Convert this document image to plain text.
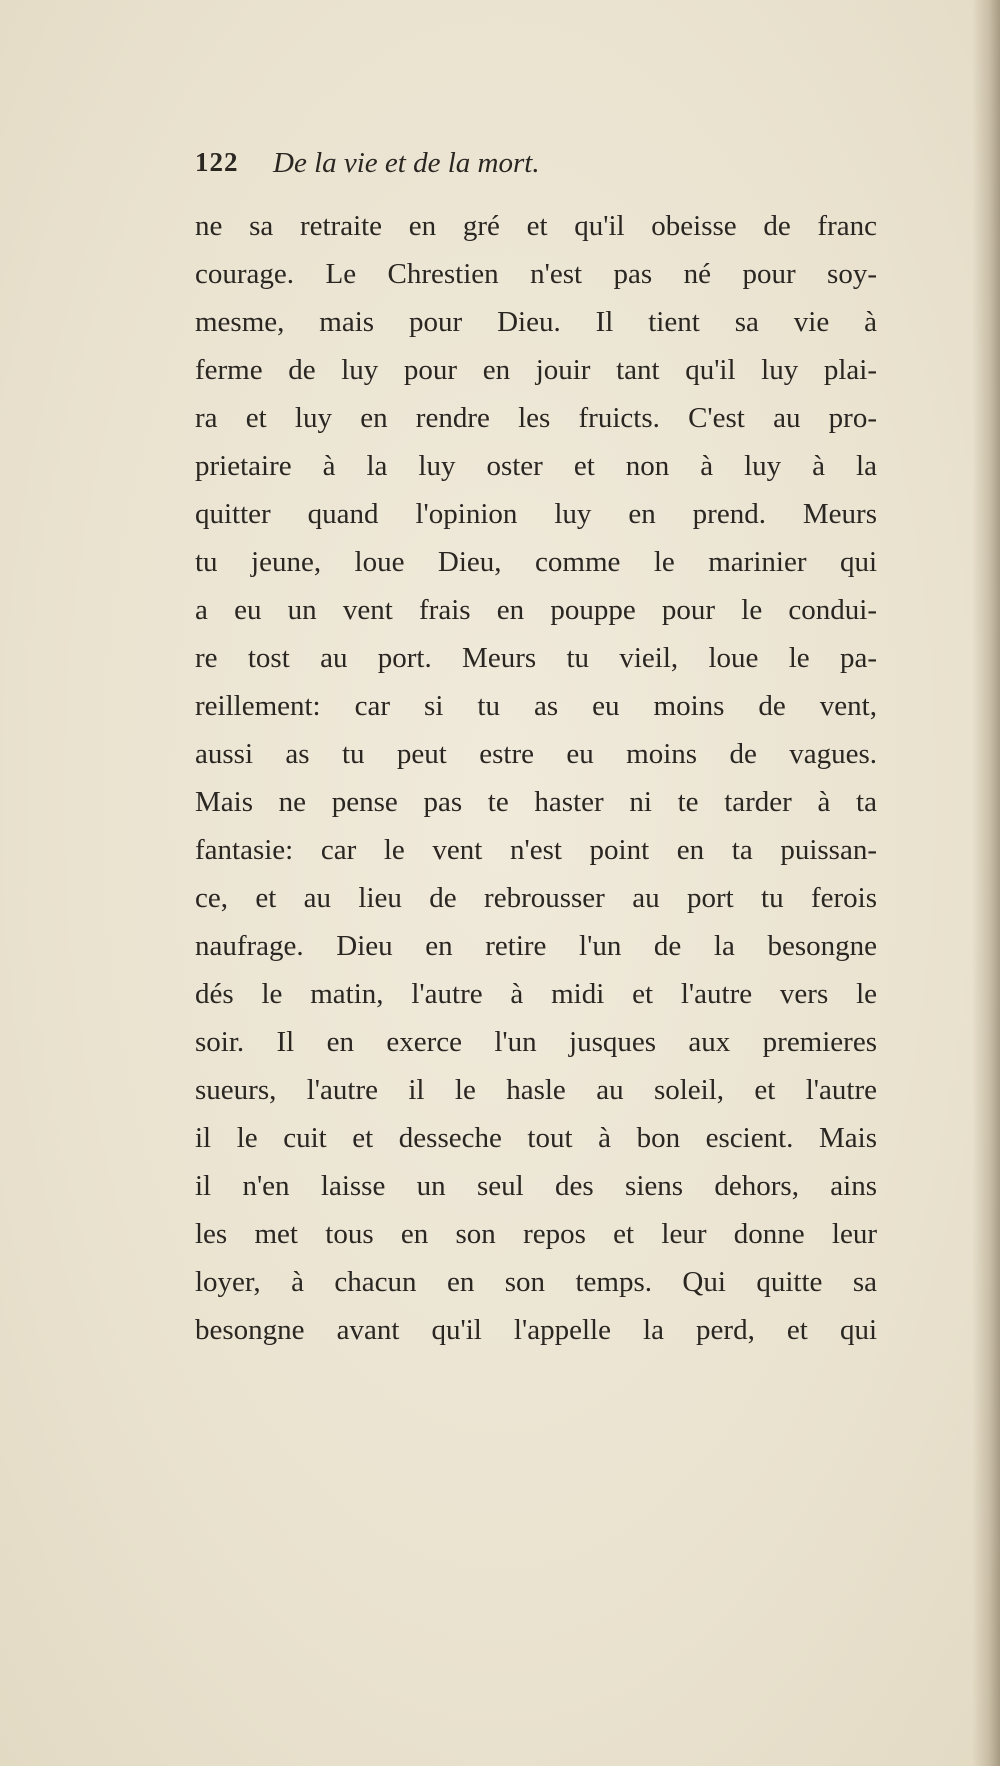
122 De la vie et de la mort.
ne sa retraite en gré et qu'il obeisse de franc
courage. Le Chrestien n'est pas né pour soy-
mesme, mais pour Dieu. Il tient sa vie à
ferme de luy pour en jouir tant qu'il luy plai-
ra et luy en rendre les fruicts. C'est au pro-
prietaire à la luy oster et non à luy à la
quitter quand l'opinion luy en prend. Meurs
tu jeune, loue Dieu, comme le marinier qui
a eu un vent frais en pouppe pour le condui-
re tost au port. Meurs tu vieil, loue le pa-
reillement: car si tu as eu moins de vent,
aussi as tu peut estre eu moins de vagues.
Mais ne pense pas te haster ni te tarder à ta
fantasie: car le vent n'est point en ta puissan-
ce, et au lieu de rebrousser au port tu ferois
naufrage. Dieu en retire l'un de la besongne
dés le matin, l'autre à midi et l'autre vers le
soir. Il en exerce l'un jusques aux premieres
sueurs, l'autre il le hasle au soleil, et l'autre
il le cuit et desseche tout à bon escient. Mais
il n'en laisse un seul des siens dehors, ains
les met tous en son repos et leur donne leur
loyer, à chacun en son temps. Qui quitte sa
besongne avant qu'il l'appelle la perd, et qui
